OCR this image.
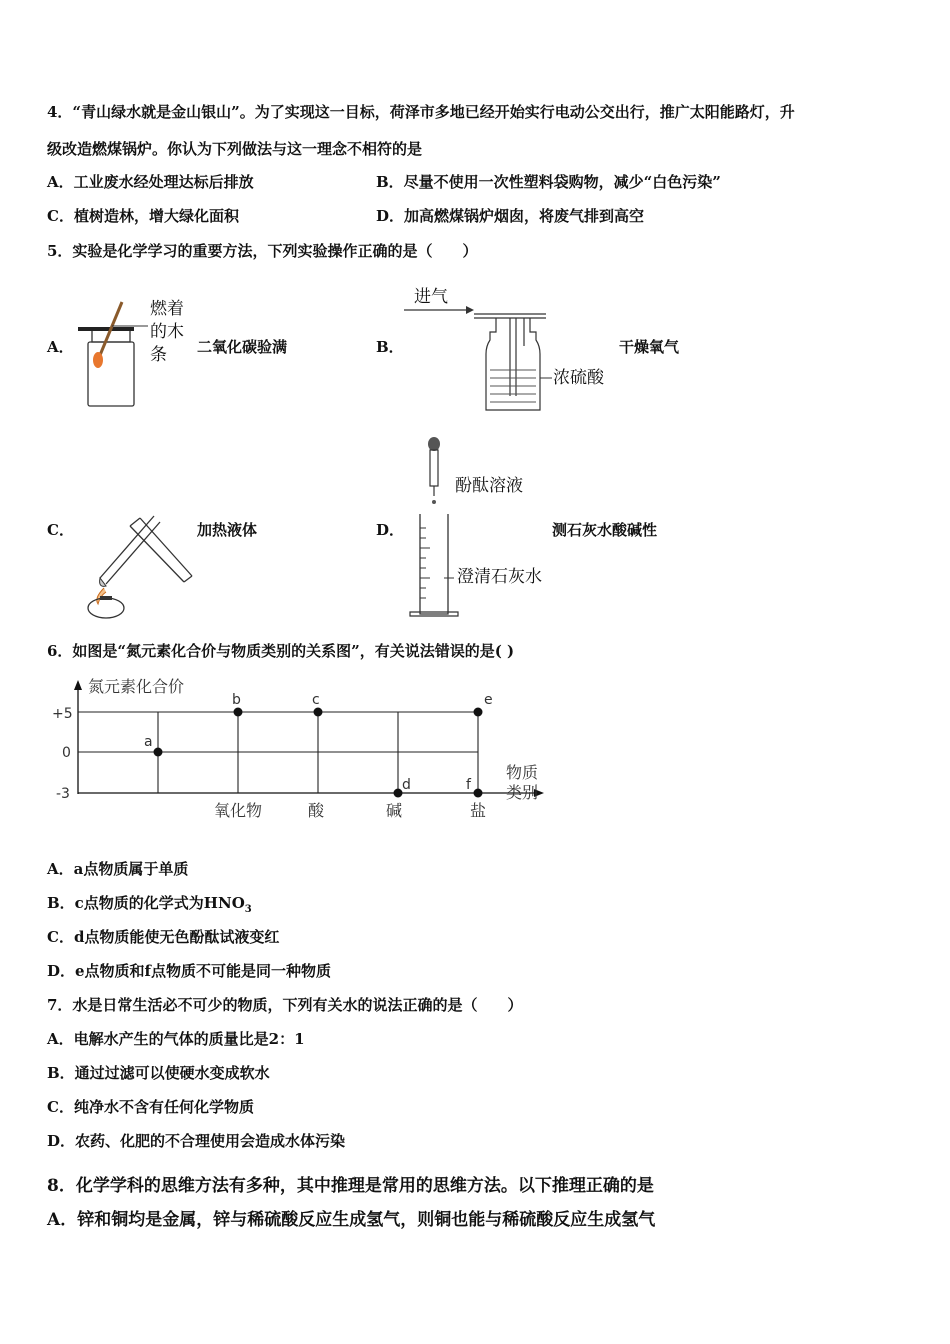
4．“青山绿水就是金山银山”。为了实现这一目标，荷泽市多地已经开始实行电动公交出行，推广太阳能路灯，升
级改造燃煤锅炉。你认为下列做法与这一理念不相符的是
A．工业废水经处理达标后排放	B．尽量不使用一次性塑料袋购物，减少“白色污染”
C．植树造林，增大绿化面积	D．加高燃煤锅炉烟囱，将废气排到高空
5．实验是化学学习的重要方法，下列实验操作正确的是（　　）
A．
燃着
的木
条 二氧化碳验满	B．
进气
浓硫酸
干燥氧气
C．	加热液体	D．
酚酞溶液
澄清石灰水
测石灰水酸碱性
6．如图是“氮元素化合价与物质类别的关系图”，有关说法错误的是( )
氮元素化合价
物质
类别
+5
0
-3
氧化物	酸	碱	盐
a
b	c
d
e
f
A．a点物质属于单质
B．c点物质的化学式为$HNO_3$
C．d点物质能使无色酚酞试液变红
D．e点物质和f点物质不可能是同一种物质
7．水是日常生活必不可少的物质，下列有关水的说法正确的是（　　）
A．电解水产生的气体的质量比是2：1
B．通过过滤可以使硬水变成软水
C．纯净水不含有任何化学物质
D．农药、化肥的不合理使用会造成水体污染
8．化学学科的思维方法有多种，其中推理是常用的思维方法。以下推理正确的是
A．锌和铜均是金属，锌与稀硫酸反应生成氢气，则铜也能与稀硫酸反应生成氢气
